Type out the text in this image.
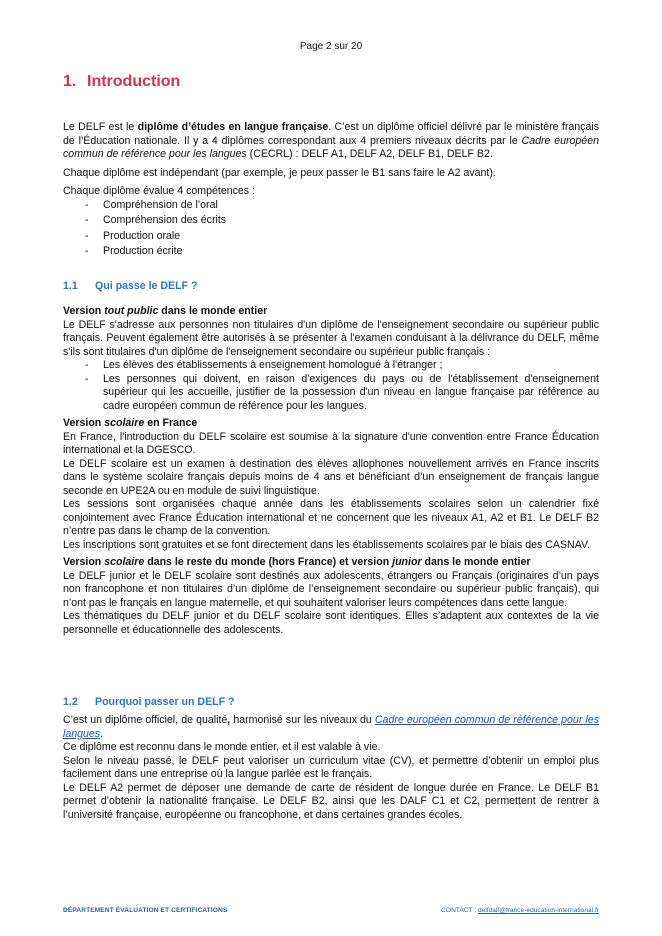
Page 2 sur 20
1. Introduction

Le DELF est le diplôme d’études en langue française. C’est un diplôme officiel délivré par le ministère français de l’Éducation nationale. Il y a 4 diplômes correspondant aux 4 premiers niveaux décrits par le Cadre européen commun de référence pour les langues (CECRL) : DELF A1, DELF A2, DELF B1, DELF B2.

Chaque diplôme est indépendant (par exemple, je peux passer le B1 sans faire le A2 avant).

Chaque diplôme évalue 4 compétences :

- Compréhension de l’oral
- Compréhension des écrits
- Production orale
- Production écrite
1.1 Qui passe le DELF ?

Version tout public dans le monde entier

Le DELF s'adresse aux personnes non titulaires d'un diplôme de l'enseignement secondaire ou supérieur public français. Peuvent également être autorisés à se présenter à l'examen conduisant à la délivrance du DELF, même s'ils sont titulaires d'un diplôme de l'enseignement secondaire ou supérieur public français :

- Les élèves des établissements à enseignement homologué à l'étranger ;
- Les personnes qui doivent, en raison d'exigences du pays ou de l'établissement d'enseignement supérieur qui les accueille, justifier de la possession d'un niveau en langue française par référence au cadre européen commun de référence pour les langues.

Version scolaire en France

En France, l'introduction du DELF scolaire est soumise à la signature d'une convention entre France Éducation international et la DGESCO.

Le DELF scolaire est un examen à destination des élèves allophones nouvellement arrivés en France inscrits dans le système scolaire français depuis moins de 4 ans et bénéficiant d’un enseignement de français langue seconde en UPE2A ou en module de suivi linguistique.

Les sessions sont organisées chaque année dans les établissements scolaires selon un calendrier fixé conjointement avec France Éducation international et ne concernent que les niveaux A1, A2 et B1. Le DELF B2 n’entre pas dans le champ de la convention.

Les inscriptions sont gratuites et se font directement dans les établissements scolaires par le biais des CASNAV.

Version scolaire dans le reste du monde (hors France) et version junior dans le monde entier

Le DELF junior et le DELF scolaire sont destinés aux adolescents, étrangers ou Français (originaires d’un pays non francophone et non titulaires d’un diplôme de l’enseignement secondaire ou supérieur public français), qui n’ont pas le français en langue maternelle, et qui souhaitent valoriser leurs compétences dans cette langue.

Les thématiques du DELF junior et du DELF scolaire sont identiques. Elles s’adaptent aux contextes de la vie personnelle et éducationnelle des adolescents.

1.2 Pourquoi passer un DELF ?

C’est un diplôme officiel, de qualité, harmonisé sur les niveaux du Cadre européen commun de référence pour les langues.

Ce diplôme est reconnu dans le monde entier, et il est valable à vie.

Selon le niveau passé, le DELF peut valoriser un curriculum vitae (CV), et permettre d’obtenir un emploi plus facilement dans une entreprise où la langue parlée est le français.

Le DELF A2 permet de déposer une demande de carte de résident de longue durée en France. Le DELF B1 permet d’obtenir la nationalité française. Le DELF B2, ainsi que les DALF C1 et C2, permettent de rentrer à l’université française, européenne ou francophone, et dans certaines grandes écoles.

DÉPARTEMENT ÉVALUATION ET CERTIFICATIONS	CONTACT : delfdalf@france-education-international.fr
